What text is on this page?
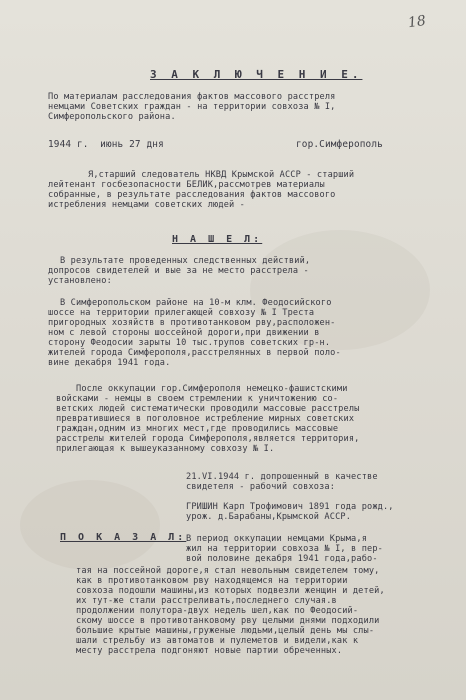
18
З А К Л Ю Ч Е Н И Е.
По материалам расследования фактов массового расстреля
немцами Советских граждан - на территории совхоза № I,
Симферопольского района.
1944 г.  июнь 27 дня	гор.Симферополь
Я,старший следователь НКВД Крымской АССР - старший
лейтенант госбезопасности БЕЛИК,рассмотрев материалы
собранные, в результате расследования фактов массового
истребления немцами советских людей -
Н А Ш Е Л:
В результате проведенных следственных действий,
допросов свидетелей и вые за не место расстрела -
установлено:
В Симферопольском районе на 10-м клм. Феодосийского
шоссе на территории прилегающей совхозу № I Треста
пригородных хозяйств в противотанковом рву,расположен-
ном с левой стороны шоссейной дороги,при движении в
сторону Феодосии зарыты 10 тыс.трупов советских гр-н.
жителей города Симферополя,расстрелянных в первой поло-
вине декабря 1941 года.
После оккупации гор.Симферополя немецко-фашистскими
войсками - немцы в своем стремлении к уничтожению со-
ветских людей систематически проводили массовые расстрелы
превратившиеся в поголовное истребление мирных советских
граждан,одним из многих мест,где проводились массовые
расстрелы жителей города Симферополя,является территория,
прилегающая к вышеуказанному совхозу № I.
21.VI.1944 г. допрошенный в качестве
свидетеля - рабочий совхоза:
ГРИШИН Карп Трофимович 1891 года рожд.,
урож. д.Барабаны,Крымской АССР.
П О К А З А Л: В период оккупации немцами Крыма,я
жил на территории совхоза № I, в пер-
вой половине декабря 1941 года,рабо-
тая на поссейной дороге,я стал невольным свидетелем тому,
как в противотанковом рву находящемся на территории
совхоза подошли машины,из которых подвезли женщин и детей,
их тут-же стали расстреливать,последнего случая.в
продолжении полутора-двух недель шел,как по Феодосий-
скому шоссе в противотанковому рву целыми днями подходили
большие крытые машины,груженые людьми,целый день мы слы-
шали стрельбу из автоматов и пулеметов и видели,как к
месту расстрела подгоняют новые партии обреченных.
